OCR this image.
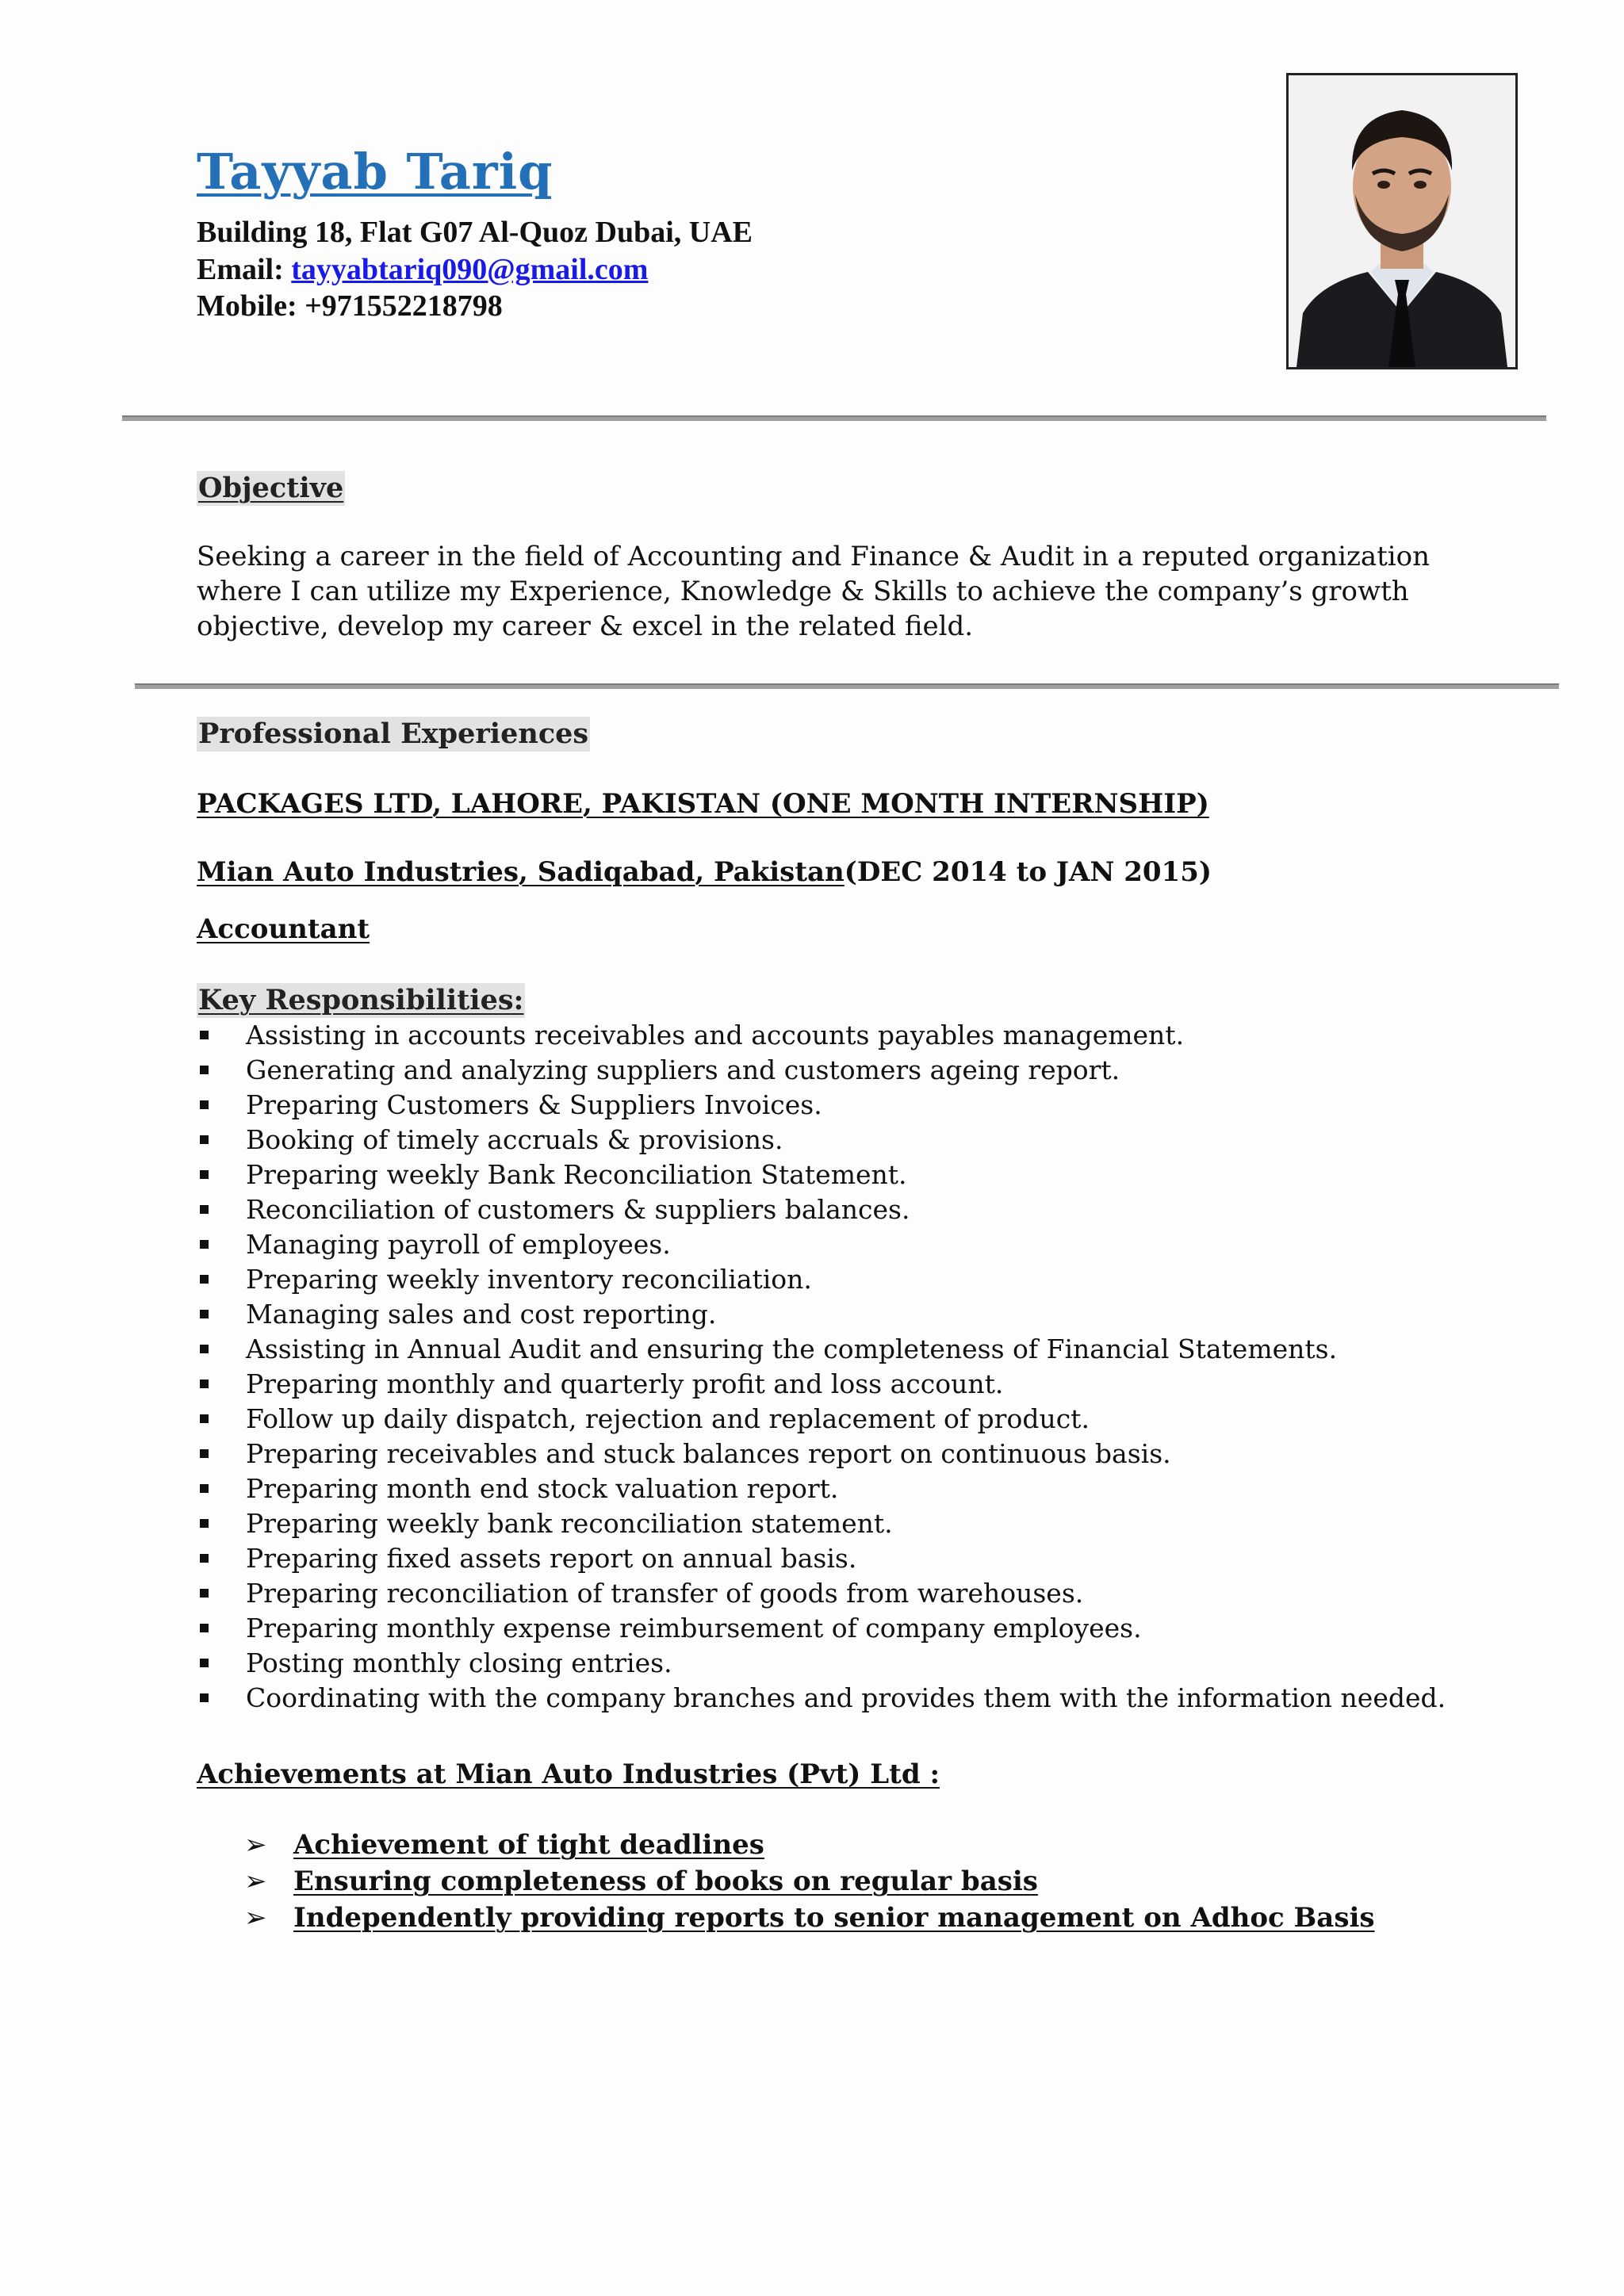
Tayyab Tariq

Building 18, Flat G07 Al-Quoz Dubai, UAE

Email: tayyabtariq090@gmail.com

Mobile: +971552218798

Objective

Seeking a career in the field of Accounting and Finance & Audit in a reputed organization where I can utilize my Experience, Knowledge & Skills to achieve the company’s growth objective, develop my career & excel in the related field.

Professional Experiences

PACKAGES LTD, LAHORE, PAKISTAN (ONE MONTH INTERNSHIP)

Mian Auto Industries, Sadiqabad, Pakistan(DEC 2014 to JAN 2015)

Accountant

Key Responsibilities:
Assisting in accounts receivables and accounts payables management.
Generating and analyzing suppliers and customers ageing report.
Preparing Customers & Suppliers Invoices.
Booking of timely accruals & provisions.
Preparing weekly Bank Reconciliation Statement.
Reconciliation of customers & suppliers balances.
Managing payroll of employees.
Preparing weekly inventory reconciliation.
Managing sales and cost reporting.
Assisting in Annual Audit and ensuring the completeness of Financial Statements.
Preparing monthly and quarterly profit and loss account.
Follow up daily dispatch, rejection and replacement of product.
Preparing receivables and stuck balances report on continuous basis.
Preparing month end stock valuation report.
Preparing weekly bank reconciliation statement.
Preparing fixed assets report on annual basis.
Preparing reconciliation of transfer of goods from warehouses.
Preparing monthly expense reimbursement of company employees.
Posting monthly closing entries.
Coordinating with the company branches and provides them with the information needed.
Achievements at Mian Auto Industries (Pvt) Ltd :
➢ Achievement of tight deadlines
➢ Ensuring completeness of books on regular basis
➢ Independently providing reports to senior management on Adhoc Basis
